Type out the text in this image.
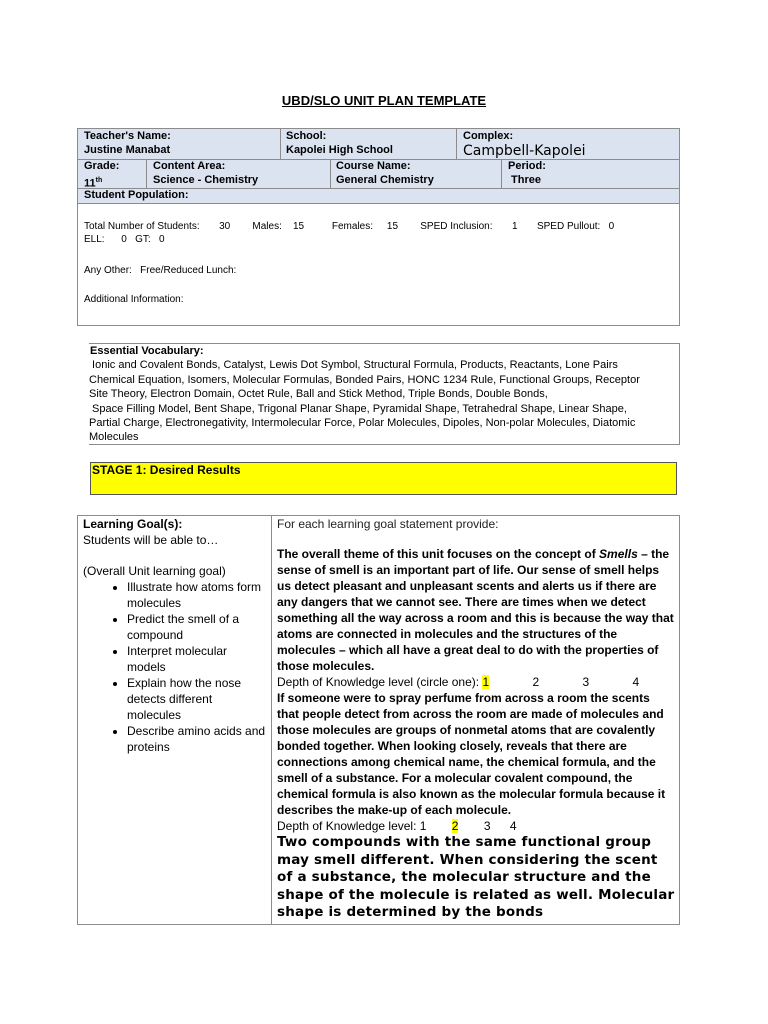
UBD/SLO UNIT PLAN TEMPLATE
Teacher's Name:
Justine Manabat
School:
Kapolei High School
Complex:
Campbell-Kapolei
Grade:
11th
Content Area:
Science - Chemistry
Course Name:
General Chemistry
Period:
Three
Student Population:
Total Number of Students:       30        Males:    15          Females:     15        SPED Inclusion:       1       SPED Pullout:   0
ELL:      0   GT:   0
Any Other:   Free/Reduced Lunch:
Additional Information:
Essential Vocabulary:
Ionic and Covalent Bonds, Catalyst, Lewis Dot Symbol, Structural Formula, Products, Reactants, Lone Pairs
Chemical Equation, Isomers, Molecular Formulas, Bonded Pairs, HONC 1234 Rule, Functional Groups, Receptor
Site Theory, Electron Domain, Octet Rule, Ball and Stick Method, Triple Bonds, Double Bonds,
Space Filling Model, Bent Shape, Trigonal Planar Shape, Pyramidal Shape, Tetrahedral Shape, Linear Shape,
Partial Charge, Electronegativity, Intermolecular Force, Polar Molecules, Dipoles, Non-polar Molecules, Diatomic
Molecules
STAGE 1: Desired Results
Learning Goal(s):
Students will be able to…
(Overall Unit learning goal)
• Illustrate how atoms form molecules
• Predict the smell of a compound
• Interpret molecular models
• Explain how the nose detects different molecules
• Describe amino acids and proteins
For each learning goal statement provide:
The overall theme of this unit focuses on the concept of Smells – the sense of smell is an important part of life. Our sense of smell helps us detect pleasant and unpleasant scents and alerts us if there are any dangers that we cannot see. There are times when we detect something all the way across a room and this is because the way that atoms are connected in molecules and the structures of the molecules – which all have a great deal to do with the properties of those molecules.
Depth of Knowledge level (circle one): 1	2	3	4
If someone were to spray perfume from across a room the scents that people detect from across the room are made of molecules and those molecules are groups of nonmetal atoms that are covalently bonded together. When looking closely, reveals that there are connections among chemical name, the chemical formula, and the smell of a substance. For a molecular covalent compound, the chemical formula is also known as the molecular formula because it describes the make-up of each molecule.
Depth of Knowledge level: 1 2 3 4
Two compounds with the same functional group may smell different. When considering the scent of a substance, the molecular structure and the shape of the molecule is related as well. Molecular shape is determined by the bonds
